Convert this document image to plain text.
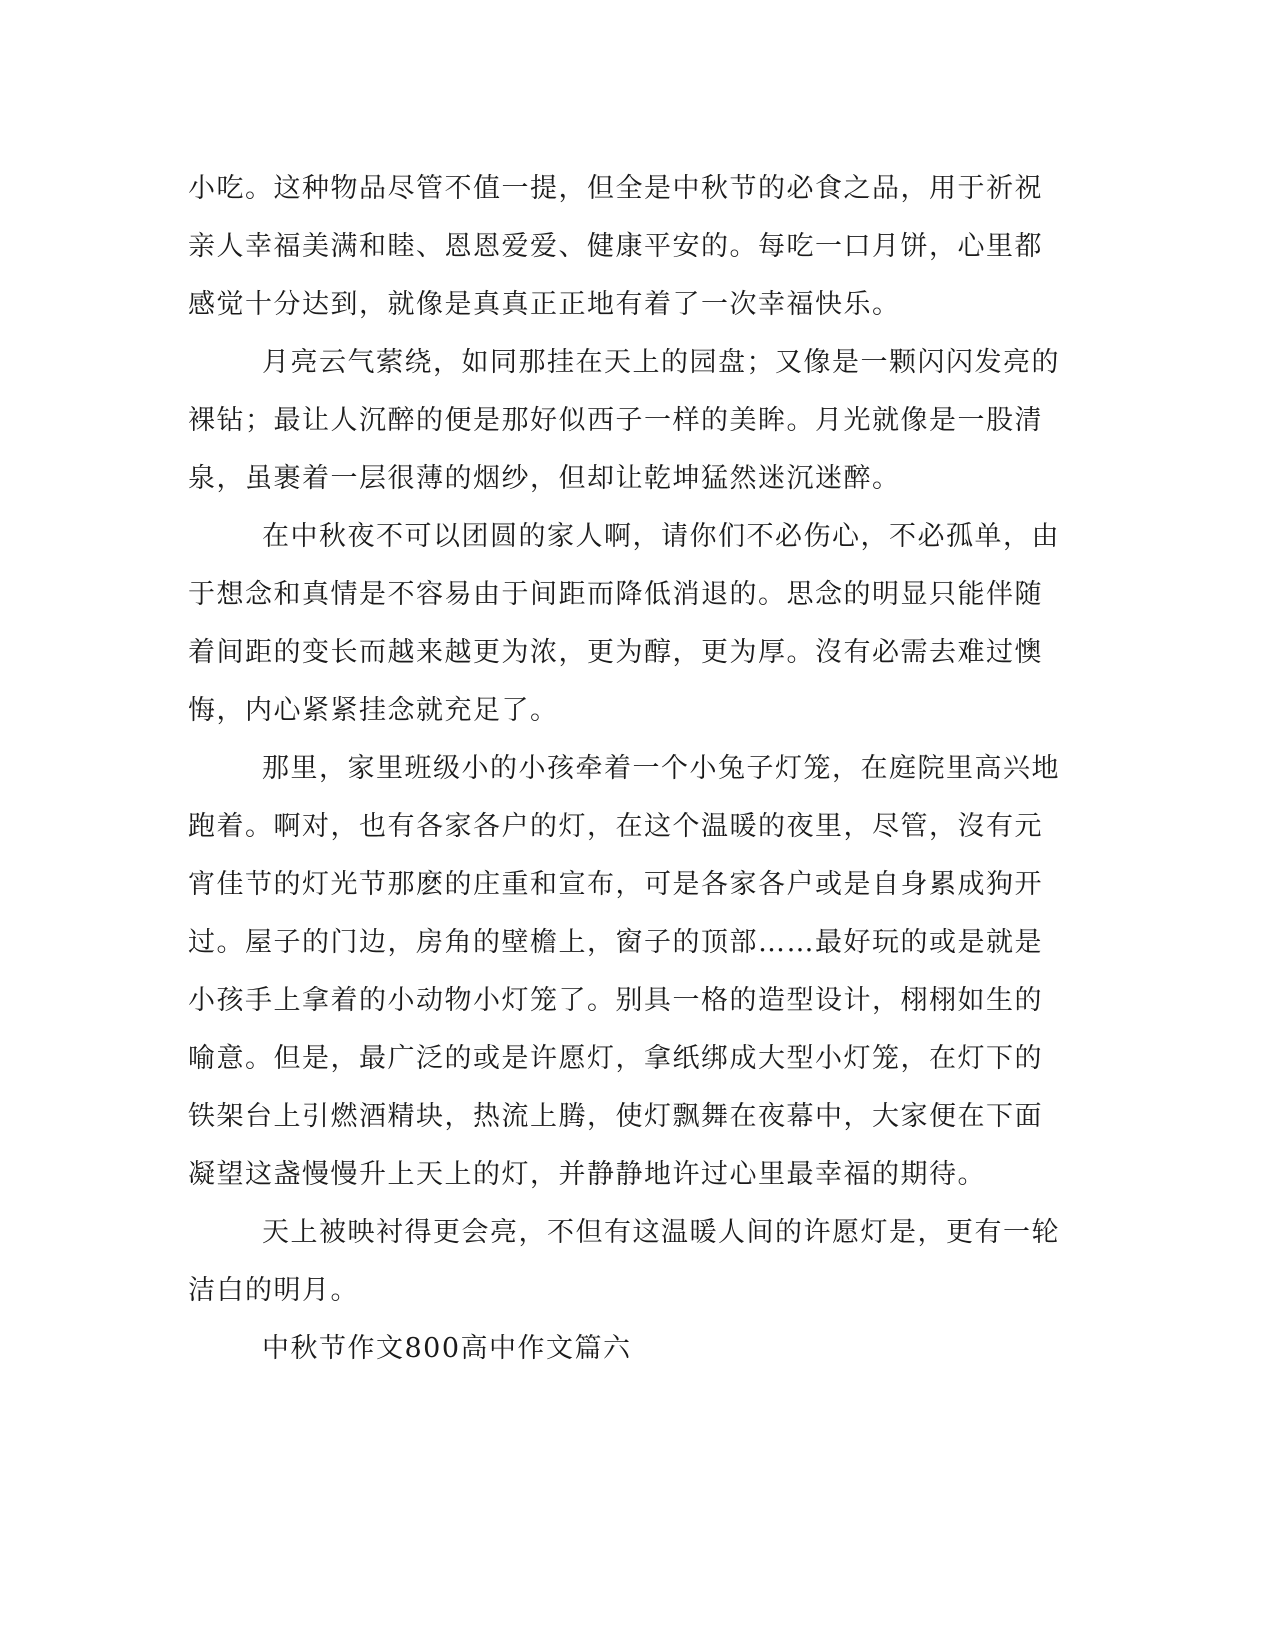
小吃。这种物品尽管不值一提，但全是中秋节的必食之品，用于祈祝
亲人幸福美满和睦、恩恩爱爱、健康平安的。每吃一口月饼，心里都
感觉十分达到，就像是真真正正地有着了一次幸福快乐。
月亮云气萦绕，如同那挂在天上的园盘；又像是一颗闪闪发亮的
裸钻；最让人沉醉的便是那好似西子一样的美眸。月光就像是一股清
泉，虽裹着一层很薄的烟纱，但却让乾坤猛然迷沉迷醉。
在中秋夜不可以团圆的家人啊，请你们不必伤心，不必孤单，由
于想念和真情是不容易由于间距而降低消退的。思念的明显只能伴随
着间距的变长而越来越更为浓，更为醇，更为厚。沒有必需去难过懊
悔，内心紧紧挂念就充足了。
那里，家里班级小的小孩牵着一个小兔子灯笼，在庭院里高兴地
跑着。啊对，也有各家各户的灯，在这个温暖的夜里，尽管，沒有元
宵佳节的灯光节那麽的庄重和宣布，可是各家各户或是自身累成狗开
过。屋子的门边，房角的壁檐上，窗子的顶部……最好玩的或是就是
小孩手上拿着的小动物小灯笼了。别具一格的造型设计，栩栩如生的
喻意。但是，最广泛的或是许愿灯，拿纸绑成大型小灯笼，在灯下的
铁架台上引燃酒精块，热流上腾，使灯飘舞在夜幕中，大家便在下面
凝望这盏慢慢升上天上的灯，并静静地许过心里最幸福的期待。
天上被映衬得更会亮，不但有这温暖人间的许愿灯是，更有一轮
洁白的明月。
中秋节作文800高中作文篇六
